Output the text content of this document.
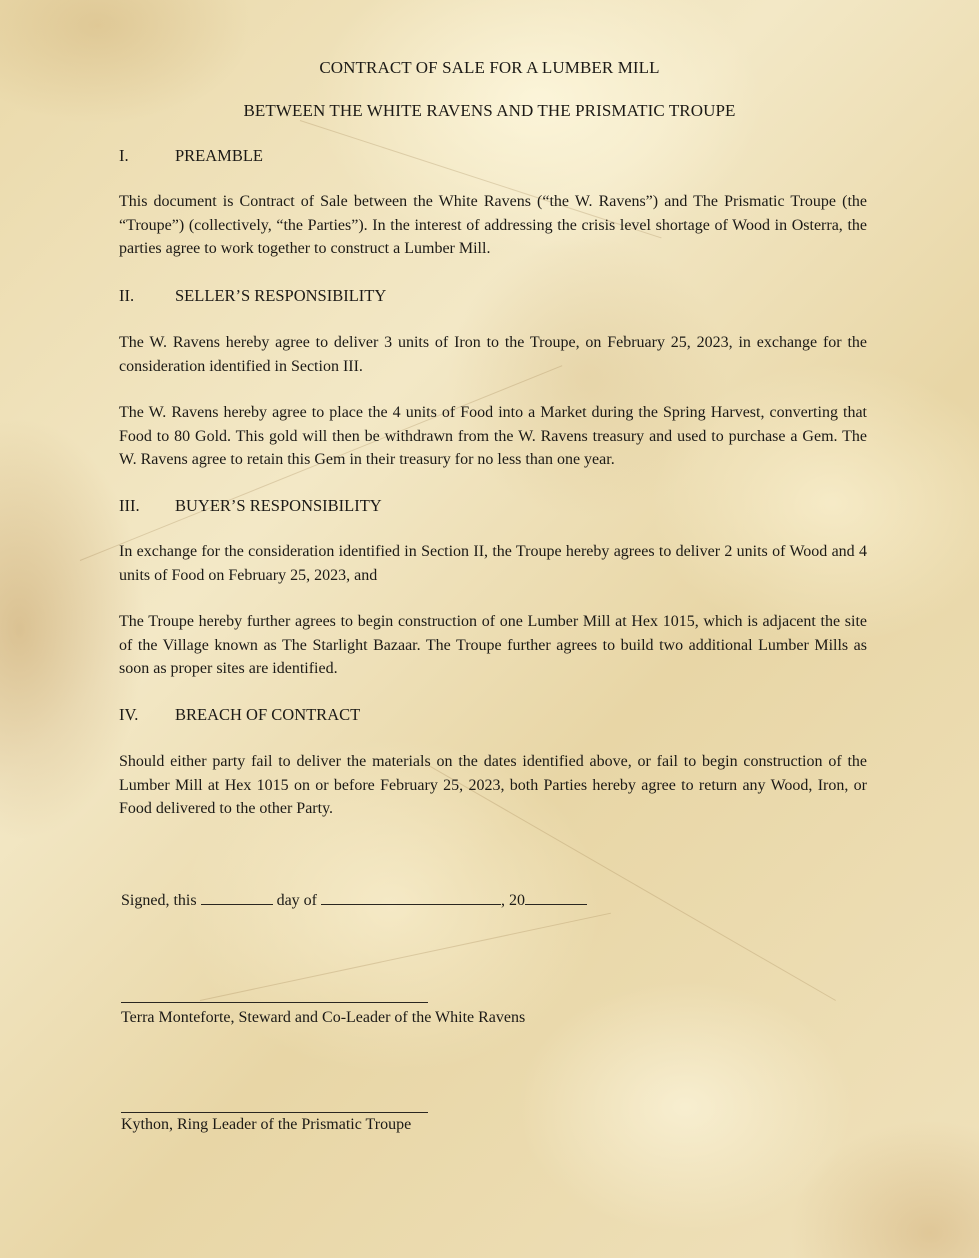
CONTRACT OF SALE FOR A LUMBER MILL
BETWEEN THE WHITE RAVENS AND THE PRISMATIC TROUPE
I.	PREAMBLE
This document is Contract of Sale between the White Ravens (“the W. Ravens”) and The Prismatic Troupe (the “Troupe”) (collectively, “the Parties”). In the interest of addressing the crisis level shortage of Wood in Osterra, the parties agree to work together to construct a Lumber Mill.
II. SELLER’S RESPONSIBILITY
The W. Ravens hereby agree to deliver 3 units of Iron to the Troupe, on February 25, 2023, in exchange for the consideration identified in Section III.
The W. Ravens hereby agree to place the 4 units of Food into a Market during the Spring Harvest, converting that Food to 80 Gold. This gold will then be withdrawn from the W. Ravens treasury and used to purchase a Gem. The W. Ravens agree to retain this Gem in their treasury for no less than one year.
III. BUYER’S RESPONSIBILITY
In exchange for the consideration identified in Section II, the Troupe hereby agrees to deliver 2 units of Wood and 4 units of Food on February 25, 2023, and
The Troupe hereby further agrees to begin construction of one Lumber Mill at Hex 1015, which is adjacent the site of the Village known as The Starlight Bazaar. The Troupe further agrees to build two additional Lumber Mills as soon as proper sites are identified.
IV. BREACH OF CONTRACT
Should either party fail to deliver the materials on the dates identified above, or fail to begin construction of the Lumber Mill at Hex 1015 on or before February 25, 2023, both Parties hereby agree to return any Wood, Iron, or Food delivered to the other Party.
Signed, this	day of	, 20
Terra Monteforte, Steward and Co-Leader of the White Ravens
Kython, Ring Leader of the Prismatic Troupe
